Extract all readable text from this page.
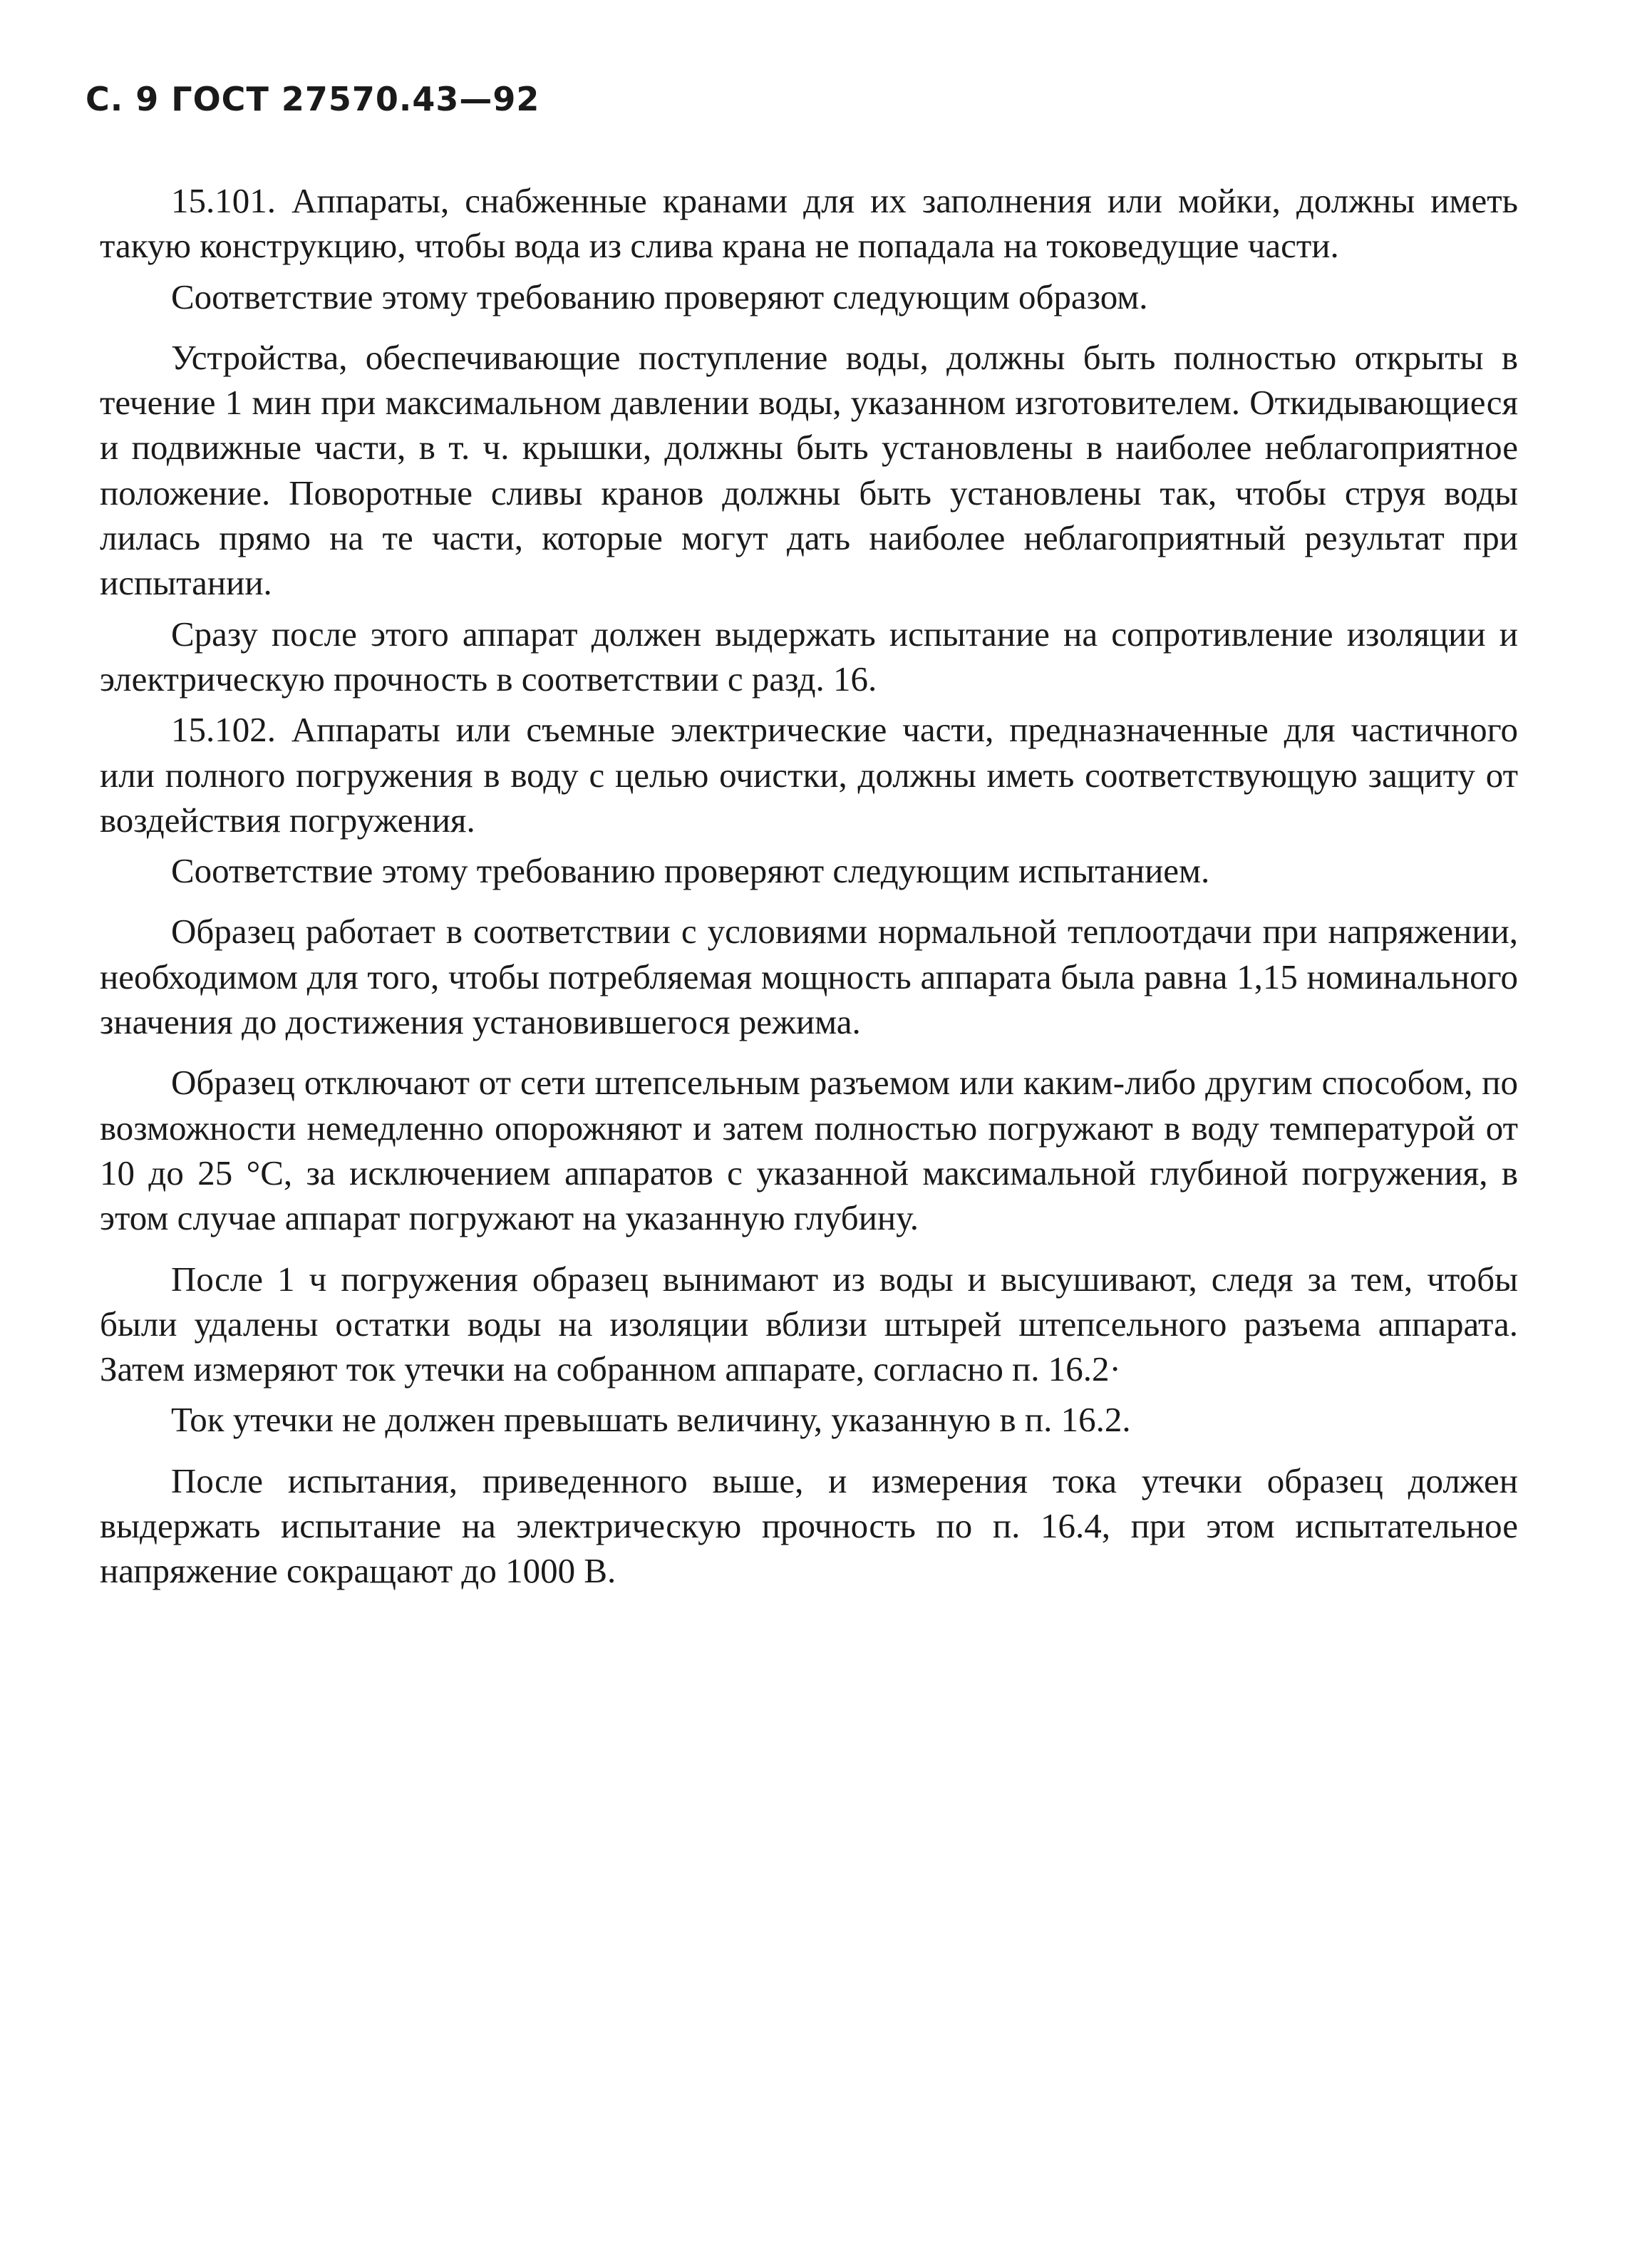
С. 9 ГОСТ 27570.43—92

15.101. Аппараты, снабженные кранами для их заполнения или мойки, должны иметь такую конструкцию, чтобы вода из слива крана не попадала на токоведущие части.

Соответствие этому требованию проверяют следующим образом.

Устройства, обеспечивающие поступление воды, должны быть полностью открыты в течение 1 мин при максимальном давлении воды, указанном изготовителем. Откидывающиеся и подвижные части, в т. ч. крышки, должны быть установлены в наиболее неблагоприятное положение. Поворотные сливы кранов должны быть установлены так, чтобы струя воды лилась прямо на те части, которые могут дать наиболее неблагоприятный результат при испытании.

Сразу после этого аппарат должен выдержать испытание на сопротивление изоляции и электрическую прочность в соответствии с разд. 16.

15.102. Аппараты или съемные электрические части, предназначенные для частичного или полного погружения в воду с целью очистки, должны иметь соответствующую защиту от воздействия погружения.

Соответствие этому требованию проверяют следующим испытанием.

Образец работает в соответствии с условиями нормальной теплоотдачи при напряжении, необходимом для того, чтобы потребляемая мощность аппарата была равна 1,15 номинального значения до достижения установившегося режима.

Образец отключают от сети штепсельным разъемом или каким-либо другим способом, по возможности немедленно опорожняют и затем полностью погружают в воду температурой от 10 до 25 °С, за исключением аппаратов с указанной максимальной глубиной погружения, в этом случае аппарат погружают на указанную глубину.

После 1 ч погружения образец вынимают из воды и высушивают, следя за тем, чтобы были удалены остатки воды на изоляции вблизи штырей штепсельного разъема аппарата. Затем измеряют ток утечки на собранном аппарате, согласно п. 16.2·

Ток утечки не должен превышать величину, указанную в п. 16.2.

После испытания, приведенного выше, и измерения тока утечки образец должен выдержать испытание на электрическую прочность по п. 16.4, при этом испытательное напряжение сокращают до 1000 В.
